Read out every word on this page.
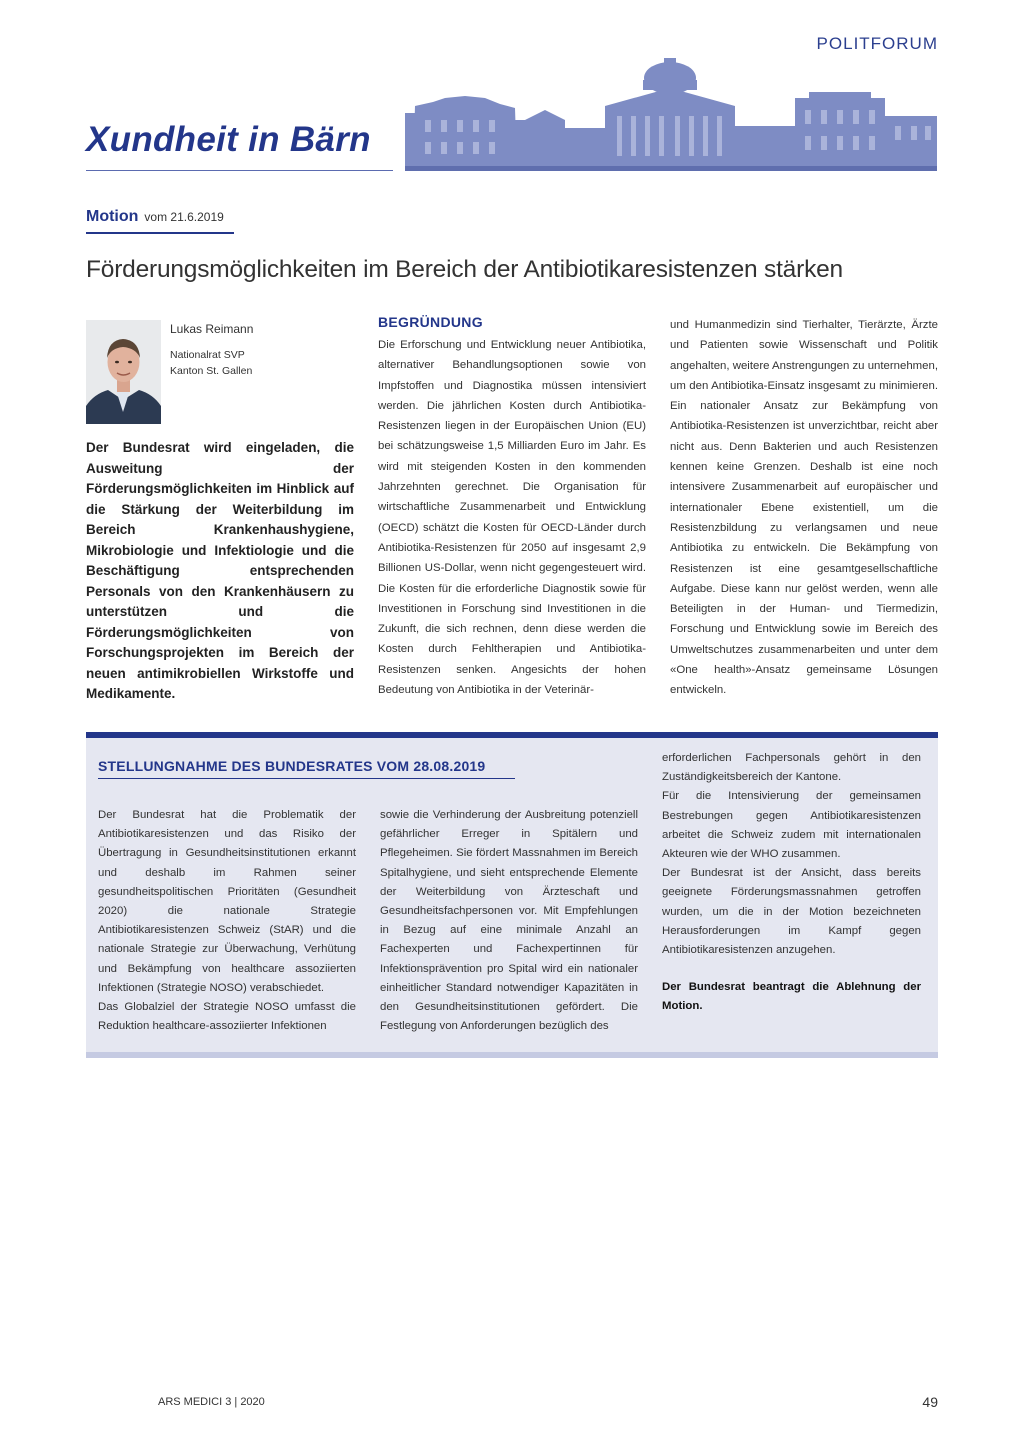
POLITFORUM
Xundheit in Bärn
Motion vom 21.6.2019
Förderungsmöglichkeiten im Bereich der Antibiotikaresistenzen stärken
Lukas Reimann
Nationalrat SVP
Kanton St. Gallen
Der Bundesrat wird eingeladen, die Ausweitung der Förderungsmöglichkeiten im Hinblick auf die Stärkung der Weiterbildung im Bereich Krankenhaushygiene, Mikrobiologie und Infektiologie und die Beschäftigung entsprechenden Personals von den Krankenhäusern zu unterstützen und die Förderungsmöglichkeiten von Forschungsprojekten im Bereich der neuen antimikrobiellen Wirkstoffe und Medikamente.
BEGRÜNDUNG
Die Erforschung und Entwicklung neuer Antibiotika, alternativer Behandlungsoptionen sowie von Impfstoffen und Diagnostika müssen intensiviert werden. Die jährlichen Kosten durch Antibiotika-Resistenzen liegen in der Europäischen Union (EU) bei schätzungsweise 1,5 Milliarden Euro im Jahr. Es wird mit steigenden Kosten in den kommenden Jahrzehnten gerechnet. Die Organisation für wirtschaftliche Zusammenarbeit und Entwicklung (OECD) schätzt die Kosten für OECD-Länder durch Antibiotika-Resistenzen für 2050 auf insgesamt 2,9 Billionen US-Dollar, wenn nicht gegengesteuert wird. Die Kosten für die erforderliche Diagnostik sowie für Investitionen in Forschung sind Investitionen in die Zukunft, die sich rechnen, denn diese werden die Kosten durch Fehltherapien und Antibiotika-Resistenzen senken. Angesichts der hohen Bedeutung von Antibiotika in der Veterinär-
und Humanmedizin sind Tierhalter, Tierärzte, Ärzte und Patienten sowie Wissenschaft und Politik angehalten, weitere Anstrengungen zu unternehmen, um den Antibiotika-Einsatz insgesamt zu minimieren. Ein nationaler Ansatz zur Bekämpfung von Antibiotika-Resistenzen ist unverzichtbar, reicht aber nicht aus. Denn Bakterien und auch Resistenzen kennen keine Grenzen. Deshalb ist eine noch intensivere Zusammenarbeit auf europäischer und internationaler Ebene existentiell, um die Resistenzbildung zu verlangsamen und neue Antibiotika zu entwickeln. Die Bekämpfung von Resistenzen ist eine gesamtgesellschaftliche Aufgabe. Diese kann nur gelöst werden, wenn alle Beteiligten in der Human- und Tiermedizin, Forschung und Entwicklung sowie im Bereich des Umweltschutzes zusammenarbeiten und unter dem «One health»-Ansatz gemeinsame Lösungen entwickeln.
STELLUNGNAHME DES BUNDESRATES VOM 28.08.2019
Der Bundesrat hat die Problematik der Antibiotikaresistenzen und das Risiko der Übertragung in Gesundheitsinstitutionen erkannt und deshalb im Rahmen seiner gesundheitspolitischen Prioritäten (Gesundheit 2020) die nationale Strategie Antibiotikaresistenzen Schweiz (StAR) und die nationale Strategie zur Überwachung, Verhütung und Bekämpfung von healthcare assoziierten Infektionen (Strategie NOSO) verabschiedet.
Das Globalziel der Strategie NOSO umfasst die Reduktion healthcare-assoziierter Infektionen
sowie die Verhinderung der Ausbreitung potenziell gefährlicher Erreger in Spitälern und Pflegeheimen. Sie fördert Massnahmen im Bereich Spitalhygiene, und sieht entsprechende Elemente der Weiterbildung von Ärzteschaft und Gesundheitsfachpersonen vor. Mit Empfehlungen in Bezug auf eine minimale Anzahl an Fachexperten und Fachexpertinnen für Infektionsprävention pro Spital wird ein nationaler einheitlicher Standard notwendiger Kapazitäten in den Gesundheitsinstitutionen gefördert. Die Festlegung von Anforderungen bezüglich des
erforderlichen Fachpersonals gehört in den Zuständigkeitsbereich der Kantone.
Für die Intensivierung der gemeinsamen Bestrebungen gegen Antibiotikaresistenzen arbeitet die Schweiz zudem mit internationalen Akteuren wie der WHO zusammen.
Der Bundesrat ist der Ansicht, dass bereits geeignete Förderungsmassnahmen getroffen wurden, um die in der Motion bezeichneten Herausforderungen im Kampf gegen Antibiotikaresistenzen anzugehen.
Der Bundesrat beantragt die Ablehnung der Motion.
ARS MEDICI 3 | 2020	49
